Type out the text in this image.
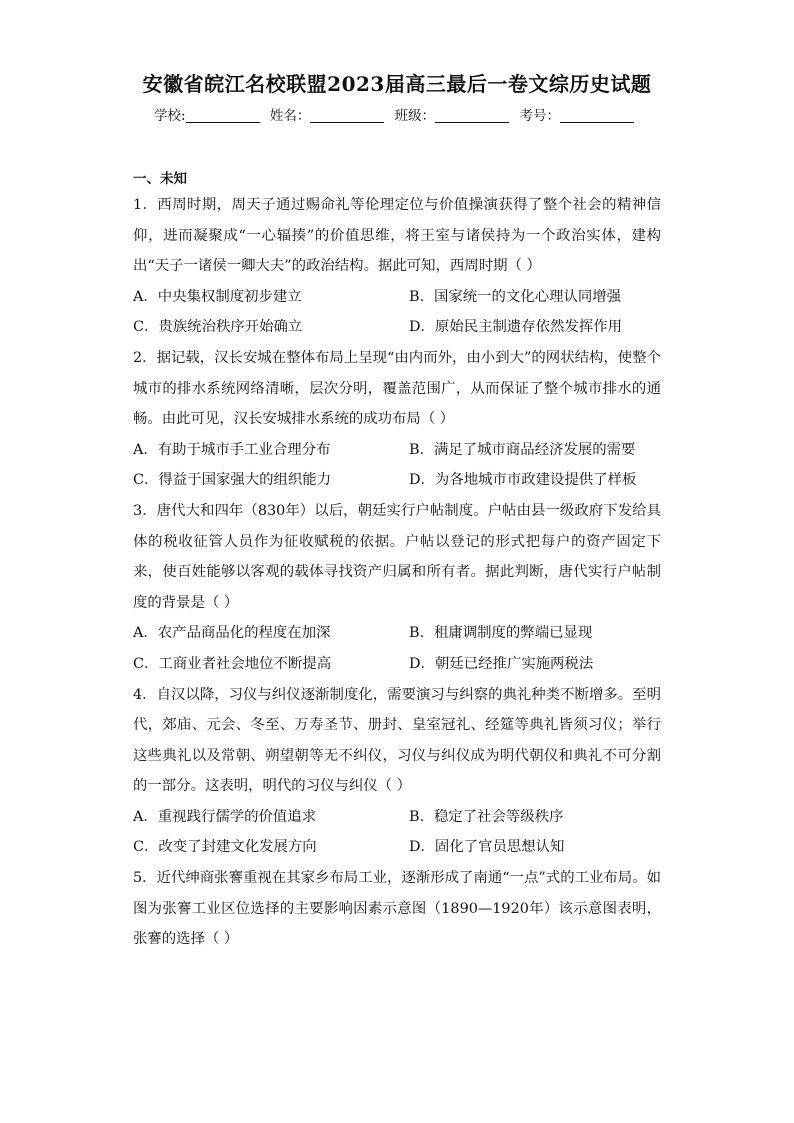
安徽省皖江名校联盟2023届高三最后一卷文综历史试题
学校:	姓名：	班级：	考号：
一、未知

1．西周时期，周天子通过赐命礼等伦理定位与价值操演获得了整个社会的精神信仰，进而凝聚成“一心辐揍”的价值思维，将王室与诸侯持为一个政治实体，建构出“天子一诸侯一卿大夫”的政治结构。据此可知，西周时期（ ）

A．中央集权制度初步建立	B．国家统一的文化心理认同增强
C．贵族统治秩序开始确立	D．原始民主制遗存依然发挥作用

2．据记载，汉长安城在整体布局上呈现“由内而外，由小到大”的网状结构，使整个城市的排水系统网络清晰，层次分明，覆盖范围广，从而保证了整个城市排水的通畅。由此可见，汉长安城排水系统的成功布局（ ）

A．有助于城市手工业合理分布	B．满足了城市商品经济发展的需要
C．得益于国家强大的组织能力	D．为各地城市市政建设提供了样板

3．唐代大和四年（830年）以后，朝廷实行户帖制度。户帖由县一级政府下发给具体的税收征管人员作为征收赋税的依据。户帖以登记的形式把每户的资产固定下来，使百姓能够以客观的载体寻找资产归属和所有者。据此判断，唐代实行户帖制度的背景是（ ）

A．农产品商品化的程度在加深	B．租庸调制度的弊端已显现
C．工商业者社会地位不断提高	D．朝廷已经推广实施两税法

4．自汉以降，习仪与纠仪逐渐制度化，需要演习与纠察的典礼种类不断增多。至明代，郊庙、元会、冬至、万寿圣节、册封、皇室冠礼、经筵等典礼皆须习仪；举行这些典礼以及常朝、朔望朝等无不纠仪，习仪与纠仪成为明代朝仪和典礼不可分割的一部分。这表明，明代的习仪与纠仪（ ）

A．重视践行儒学的价值追求	B．稳定了社会等级秩序
C．改变了封建文化发展方向	D．固化了官员思想认知

5．近代绅商张謇重视在其家乡布局工业，逐渐形成了南通“一点”式的工业布局。如图为张謇工业区位选择的主要影响因素示意图（1890—1920年）该示意图表明，张謇的选择（ ）
